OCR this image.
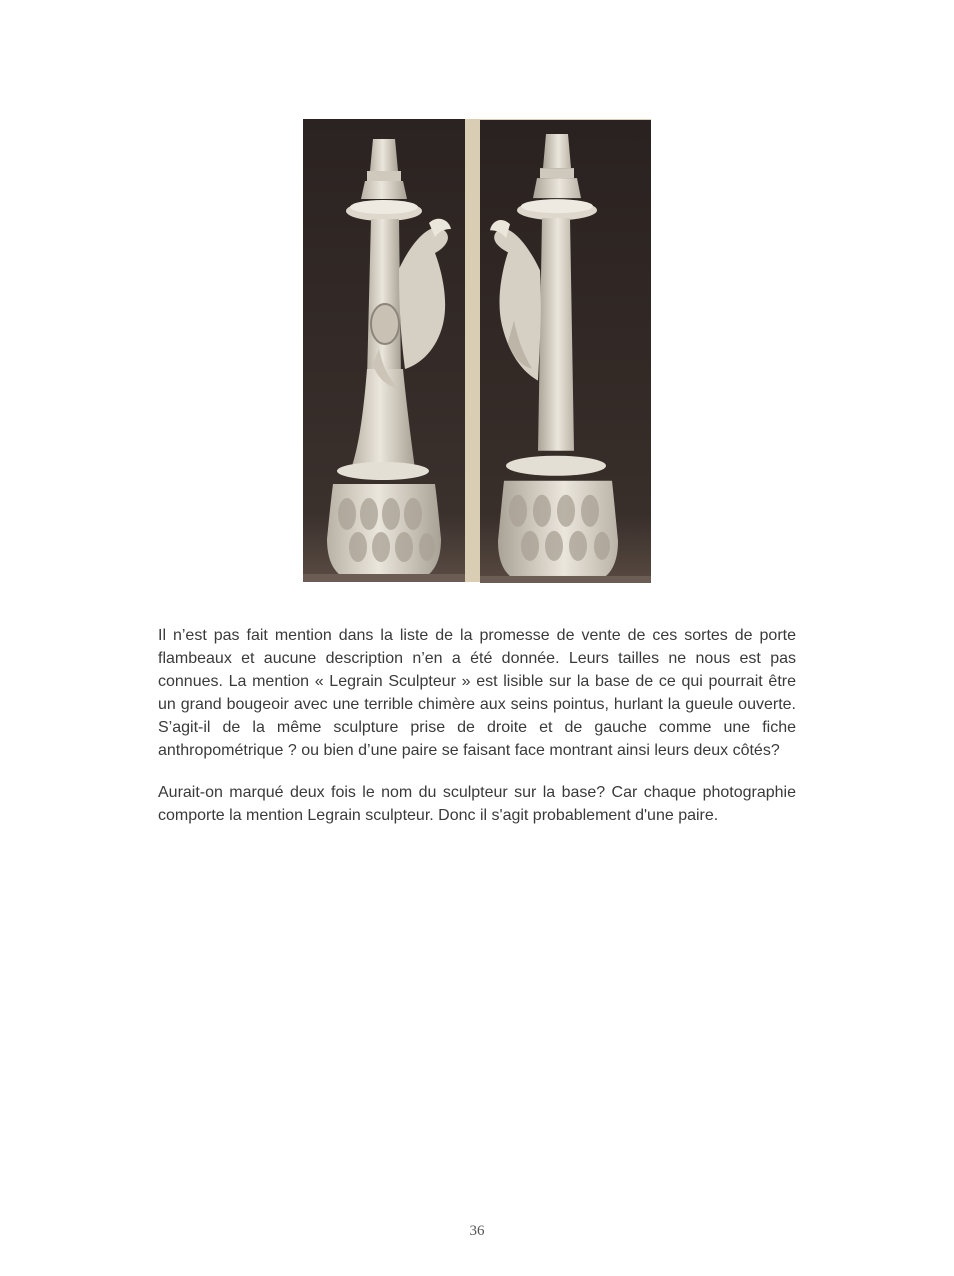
Il n’est pas fait mention dans la liste de la promesse de vente de ces sortes de porte flambeaux et aucune description n’en a été donnée. Leurs tailles ne nous est pas connues. La mention « Legrain Sculpteur » est lisible sur la base de ce qui pourrait être un grand bougeoir avec une terrible chimère aux seins pointus, hurlant la gueule ouverte. S’agit-il de la même sculpture prise de droite et de gauche comme une fiche anthropométrique ? ou bien d’une paire se faisant face montrant ainsi leurs deux côtés?

Aurait-on marqué deux fois le nom du sculpteur sur la base? Car chaque photographie comporte la mention Legrain sculpteur. Donc il s'agit probablement d'une paire.

36
